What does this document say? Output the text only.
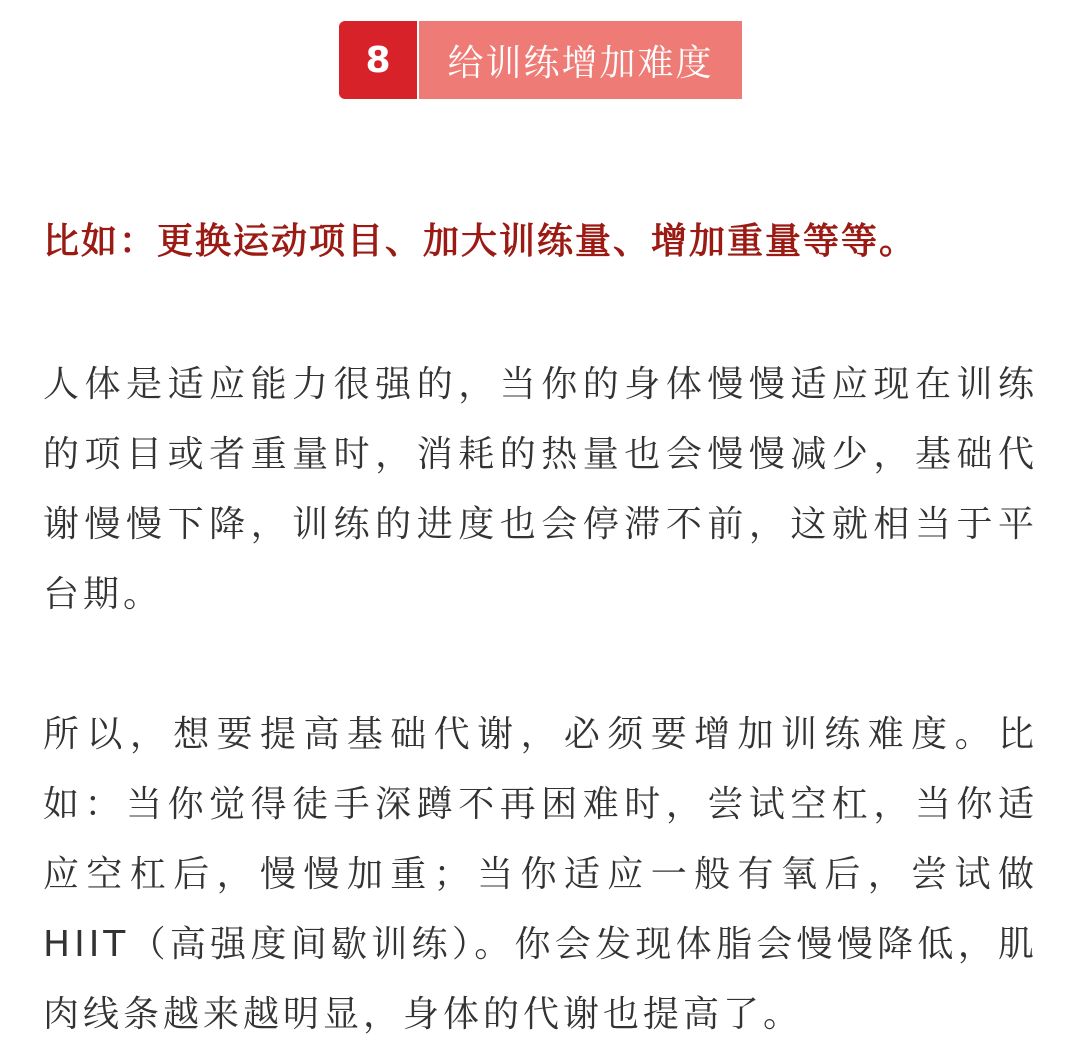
8	给训练增加难度

比如：更换运动项目、加大训练量、增加重量等等。

人体是适应能力很强的，当你的身体慢慢适应现在训练的项目或者重量时，消耗的热量也会慢慢减少，基础代谢慢慢下降，训练的进度也会停滞不前，这就相当于平台期。

所以，想要提高基础代谢，必须要增加训练难度。比如：当你觉得徒手深蹲不再困难时，尝试空杠，当你适应空杠后，慢慢加重；当你适应一般有氧后，尝试做HIIT（高强度间歇训练）。你会发现体脂会慢慢降低，肌肉线条越来越明显，身体的代谢也提高了。
